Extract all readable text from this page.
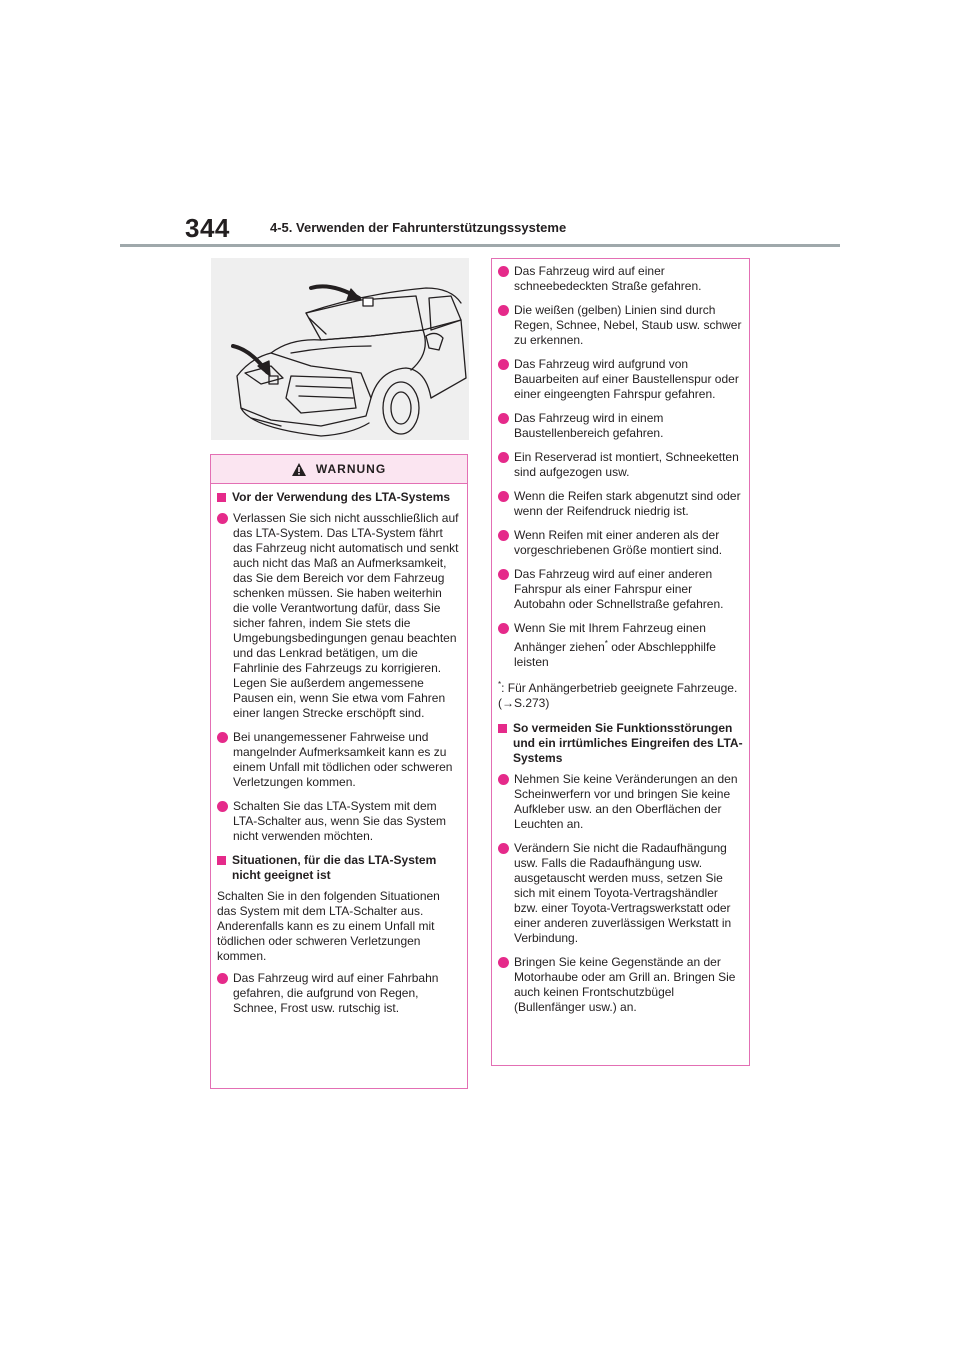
344	4-5. Verwenden der Fahrunterstützungssysteme
WARNUNG
Vor der Verwendung des LTA-Systems
Verlassen Sie sich nicht ausschließlich auf das LTA-System. Das LTA-System fährt das Fahrzeug nicht automatisch und senkt auch nicht das Maß an Aufmerksamkeit, das Sie dem Bereich vor dem Fahrzeug schenken müssen. Sie haben weiterhin die volle Verantwortung dafür, dass Sie sicher fahren, indem Sie stets die Umgebungsbedingungen genau beachten und das Lenkrad betätigen, um die Fahrlinie des Fahrzeugs zu korrigieren. Legen Sie außerdem angemessene Pausen ein, wenn Sie etwa vom Fahren einer langen Strecke erschöpft sind.
Bei unangemessener Fahrweise und mangelnder Aufmerksamkeit kann es zu einem Unfall mit tödlichen oder schweren Verletzungen kommen.
Schalten Sie das LTA-System mit dem LTA-Schalter aus, wenn Sie das System nicht verwenden möchten.
Situationen, für die das LTA-System nicht geeignet ist
Schalten Sie in den folgenden Situationen das System mit dem LTA-Schalter aus. Anderenfalls kann es zu einem Unfall mit tödlichen oder schweren Verletzungen kommen.
Das Fahrzeug wird auf einer Fahrbahn gefahren, die aufgrund von Regen, Schnee, Frost usw. rutschig ist.
Das Fahrzeug wird auf einer schneebedeckten Straße gefahren.
Die weißen (gelben) Linien sind durch Regen, Schnee, Nebel, Staub usw. schwer zu erkennen.
Das Fahrzeug wird aufgrund von Bauarbeiten auf einer Baustellenspur oder einer eingeengten Fahrspur gefahren.
Das Fahrzeug wird in einem Baustellenbereich gefahren.
Ein Reserverad ist montiert, Schneeketten sind aufgezogen usw.
Wenn die Reifen stark abgenutzt sind oder wenn der Reifendruck niedrig ist.
Wenn Reifen mit einer anderen als der vorgeschriebenen Größe montiert sind.
Das Fahrzeug wird auf einer anderen Fahrspur als einer Fahrspur einer Autobahn oder Schnellstraße gefahren.
Wenn Sie mit Ihrem Fahrzeug einen Anhänger ziehen* oder Abschlepphilfe leisten
*: Für Anhängerbetrieb geeignete Fahrzeuge. (→S.273)
So vermeiden Sie Funktionsstörungen und ein irrtümliches Eingreifen des LTA-Systems
Nehmen Sie keine Veränderungen an den Scheinwerfern vor und bringen Sie keine Aufkleber usw. an den Oberflächen der Leuchten an.
Verändern Sie nicht die Radaufhängung usw. Falls die Radaufhängung usw. ausgetauscht werden muss, setzen Sie sich mit einem Toyota-Vertragshändler bzw. einer Toyota-Vertragswerkstatt oder einer anderen zuverlässigen Werkstatt in Verbindung.
Bringen Sie keine Gegenstände an der Motorhaube oder am Grill an. Bringen Sie auch keinen Frontschutzbügel (Bullenfänger usw.) an.
